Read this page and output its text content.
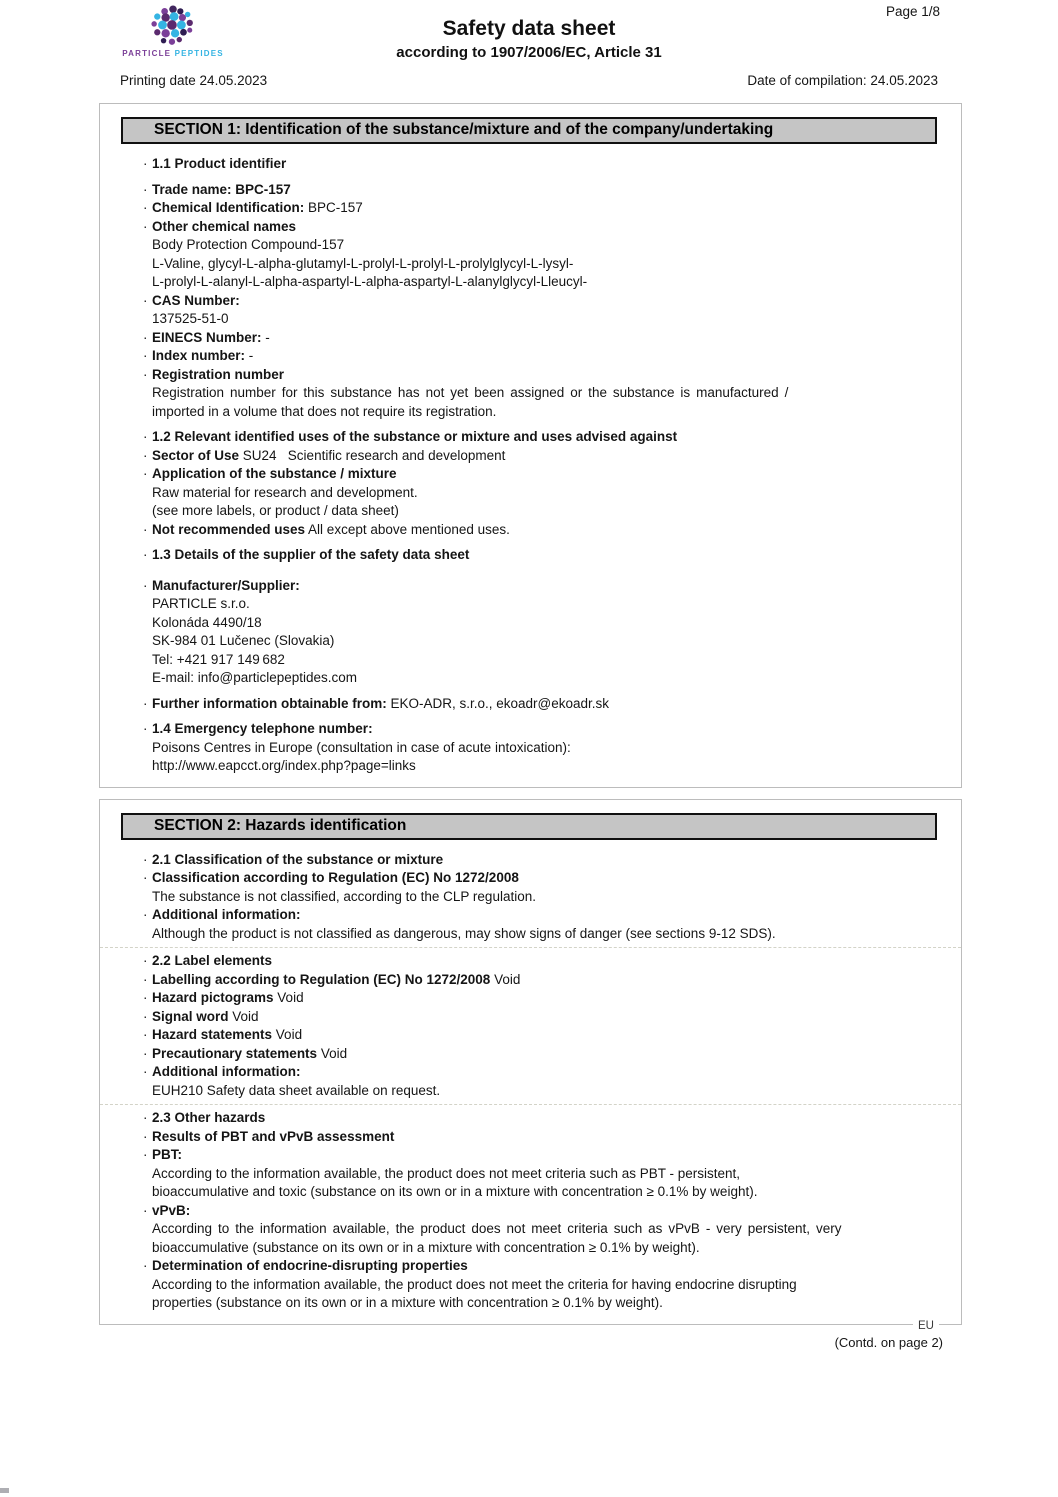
Page 1/8
PARTICLE PEPTIDES
Safety data sheet
according to 1907/2006/EC, Article 31
Printing date 24.05.2023	Date of compilation: 24.05.2023
SECTION 1: Identification of the substance/mixture and of the company/undertaking
· 1.1 Product identifier
· Trade name: BPC-157
· Chemical Identification: BPC-157
· Other chemical names
Body Protection Compound-157
L-Valine, glycyl-L-alpha-glutamyl-L-prolyl-L-prolyl-L-prolylglycyl-L-lysyl-
L-prolyl-L-alanyl-L-alpha-aspartyl-L-alpha-aspartyl-L-alanylglycyl-Lleucyl-
· CAS Number:
137525-51-0
· EINECS Number: -
· Index number: -
· Registration number
Registration number for this substance has not yet been assigned or the substance is manufactured /
imported in a volume that does not require its registration.
· 1.2 Relevant identified uses of the substance or mixture and uses advised against
· Sector of Use SU24   Scientific research and development
· Application of the substance / mixture
Raw material for research and development.
(see more labels, or product / data sheet)
· Not recommended uses All except above mentioned uses.
· 1.3 Details of the supplier of the safety data sheet
· Manufacturer/Supplier:
PARTICLE s.r.o.
Kolonáda 4490/18
SK-984 01 Lučenec (Slovakia)
Tel: +421 917 149 682
E-mail: info@particlepeptides.com
· Further information obtainable from: EKO-ADR, s.r.o., ekoadr@ekoadr.sk
· 1.4 Emergency telephone number:
Poisons Centres in Europe (consultation in case of acute intoxication):
http://www.eapcct.org/index.php?page=links
SECTION 2: Hazards identification
· 2.1 Classification of the substance or mixture
· Classification according to Regulation (EC) No 1272/2008
The substance is not classified, according to the CLP regulation.
· Additional information:
Although the product is not classified as dangerous, may show signs of danger (see sections 9-12 SDS).
· 2.2 Label elements
· Labelling according to Regulation (EC) No 1272/2008 Void
· Hazard pictograms Void
· Signal word Void
· Hazard statements Void
· Precautionary statements Void
· Additional information:
EUH210 Safety data sheet available on request.
· 2.3 Other hazards
· Results of PBT and vPvB assessment
· PBT:
According to the information available, the product does not meet criteria such as PBT - persistent,
bioaccumulative and toxic (substance on its own or in a mixture with concentration ≥ 0.1% by weight).
· vPvB:
According to the information available, the product does not meet criteria such as vPvB - very persistent, very
bioaccumulative (substance on its own or in a mixture with concentration ≥ 0.1% by weight).
· Determination of endocrine-disrupting properties
According to the information available, the product does not meet the criteria for having endocrine disrupting
properties (substance on its own or in a mixture with concentration ≥ 0.1% by weight).
EU
(Contd. on page 2)
